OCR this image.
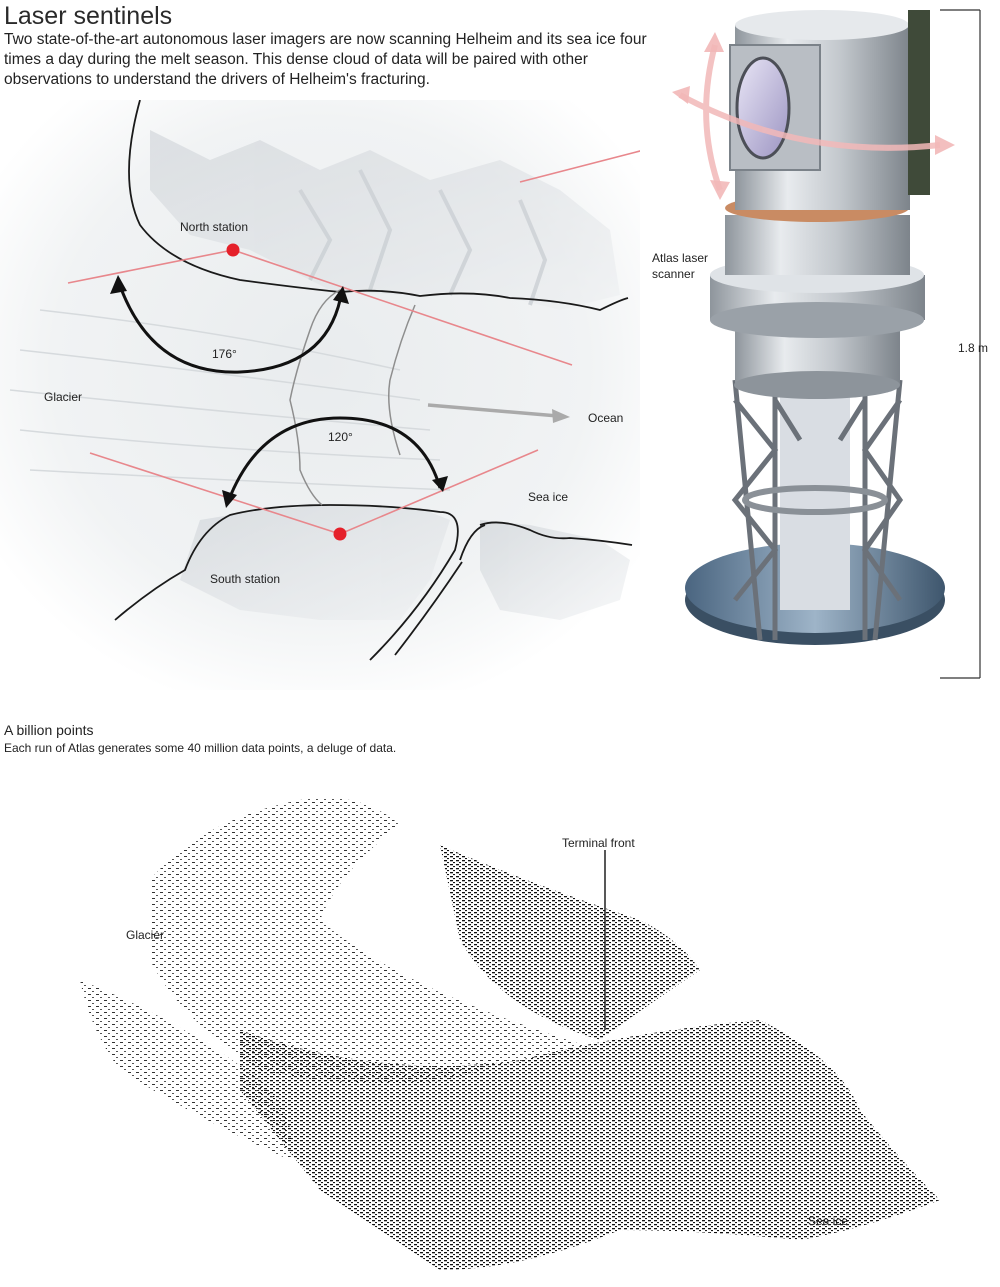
Laser sentinels

Two state-of-the-art autonomous laser imagers are now scanning Helheim and its sea ice four times a day during the melt season. This dense cloud of data will be paired with other observations to understand the drivers of Helheim's fracturing.

North station
South station
Glacier
Ocean
Sea ice
176°
120°
Atlas laser scanner
1.8 m
A billion points
Each run of Atlas generates some 40 million data points, a deluge of data.
Glacier
Terminal front
Sea ice
